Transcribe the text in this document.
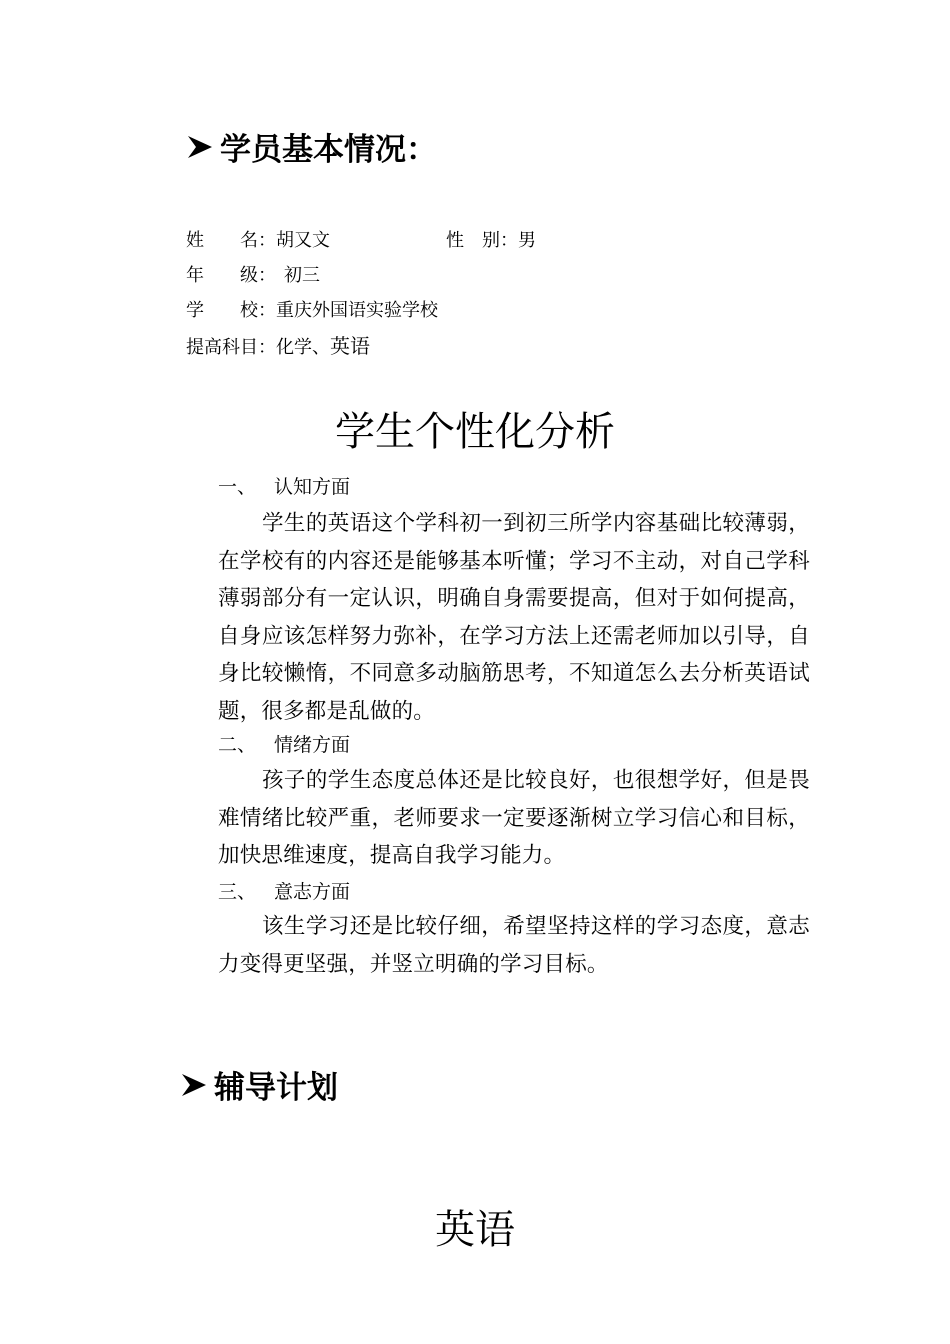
学员基本情况：
姓　　名：胡又文	性　别：男
年　　级： 初三
学　　校：重庆外国语实验学校
提高科目：化学、英语
学生个性化分析
一、 认知方面
学生的英语这个学科初一到初三所学内容基础比较薄弱，在学校有的内容还是能够基本听懂；学习不主动，对自己学科薄弱部分有一定认识，明确自身需要提高，但对于如何提高，自身应该怎样努力弥补，在学习方法上还需老师加以引导，自身比较懒惰，不同意多动脑筋思考，不知道怎么去分析英语试题，很多都是乱做的。
二、 情绪方面
孩子的学生态度总体还是比较良好，也很想学好，但是畏难情绪比较严重，老师要求一定要逐渐树立学习信心和目标，加快思维速度，提高自我学习能力。
三、 意志方面
该生学习还是比较仔细，希望坚持这样的学习态度，意志力变得更坚强，并竖立明确的学习目标。
辅导计划
英语
